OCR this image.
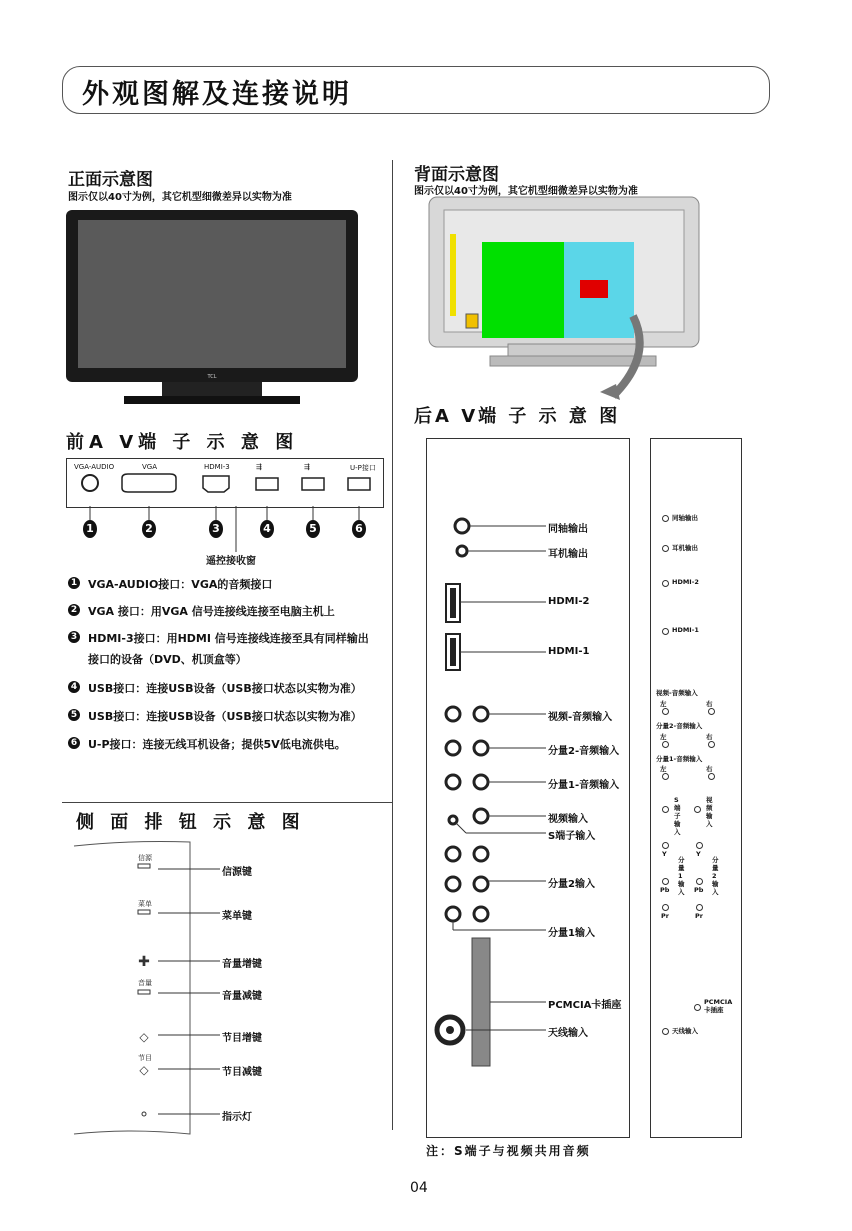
外观图解及连接说明
正面示意图
图示仅以40寸为例，其它机型细微差异以实物为准
TCL
背面示意图
图示仅以40寸为例，其它机型细微差异以实物为准
前A V端 子 示 意 图
VGA-AUDIO	VGA	HDMI-3	⇶	⇶	U-P接口
1	2	3	4	5	6
遥控接收窗
1 VGA-AUDIO接口：VGA的音频接口
2 VGA 接口：用VGA 信号连接线连接至电脑主机上
3 HDMI-3接口：用HDMI 信号连接线连接至具有同样输出
接口的设备（DVD、机顶盒等）
4 USB接口：连接USB设备（USB接口状态以实物为准）
5 USB接口：连接USB设备（USB接口状态以实物为准）
6 U-P接口：连接无线耳机设备；提供5V低电流供电。
侧 面 排 钮 示 意 图
✚
◇
◇
信源
菜单
音量
节目
信源键
菜单键
音量增键
音量减键
节目增键
节目减键
指示灯
后A V端 子 示 意 图
同轴输出
耳机输出
HDMI-2
HDMI-1
视频-音频输入
分量2-音频输入
分量1-音频输入
视频输入
S端子输入
分量2输入
分量1输入
PCMCIA卡插座
天线输入
同轴输出
耳机输出
HDMI-2
HDMI-1
视频-音频输入
左	右
分量2-音频输入
左	右
分量1-音频输入
左	右
S端子输入
视频输入
Y
Pb
Pr
分量1输入
Y
Pb
Pr
分量2输入
PCMCIA卡插座
天线输入
注：S端子与视频共用音频
04
